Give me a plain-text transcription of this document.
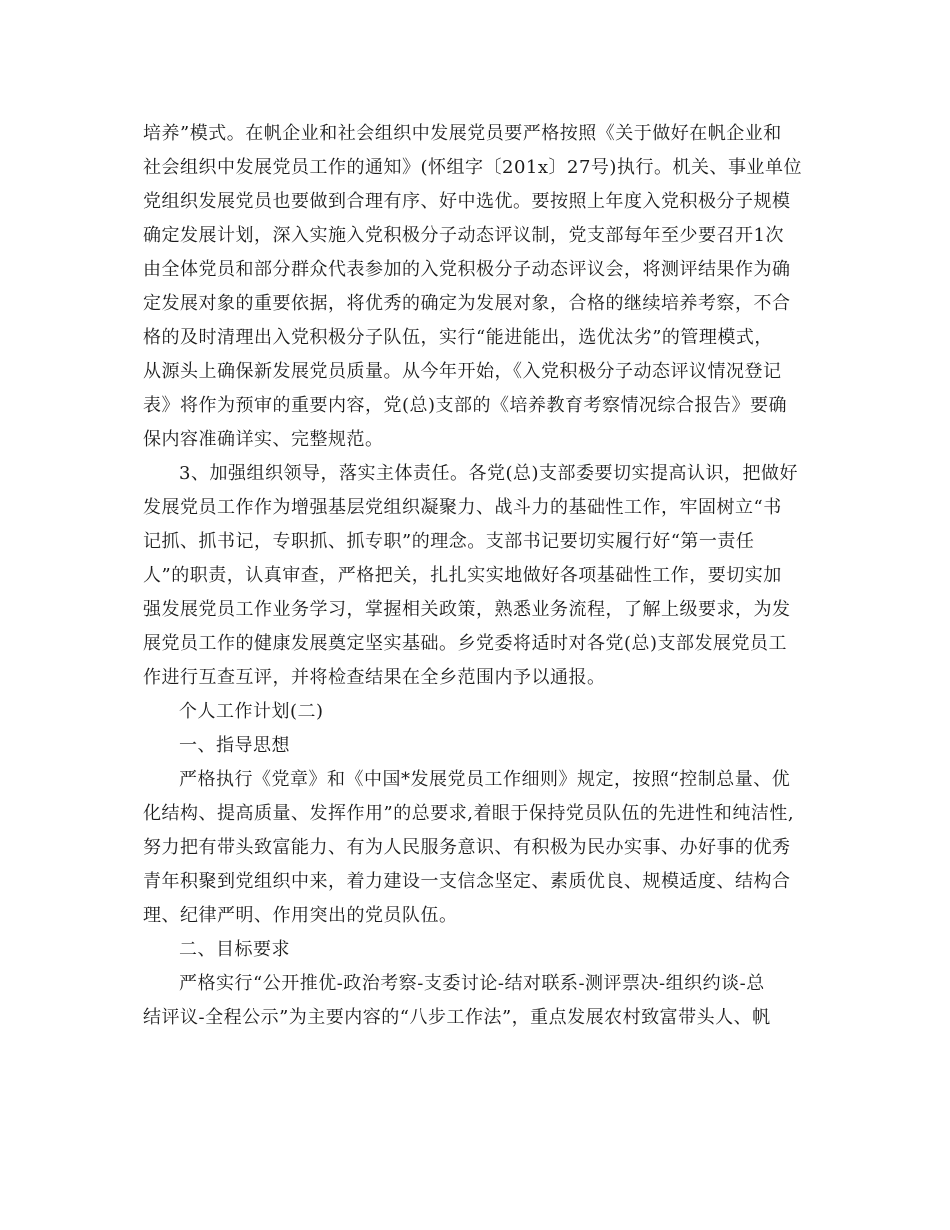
培养”模式。在帆企业和社会组织中发展党员要严格按照《关于做好在帆企业和
社会组织中发展党员工作的通知》(怀组字〔201x〕27号)执行。机关、事业单位
党组织发展党员也要做到合理有序、好中选优。要按照上年度入党积极分子规模
确定发展计划，深入实施入党积极分子动态评议制，党支部每年至少要召开1次
由全体党员和部分群众代表参加的入党积极分子动态评议会，将测评结果作为确
定发展对象的重要依据，将优秀的确定为发展对象，合格的继续培养考察，不合
格的及时清理出入党积极分子队伍，实行“能进能出，选优汰劣”的管理模式，
从源头上确保新发展党员质量。从今年开始，《入党积极分子动态评议情况登记
表》将作为预审的重要内容，党(总)支部的《培养教育考察情况综合报告》要确
保内容准确详实、完整规范。
3、加强组织领导，落实主体责任。各党(总)支部委要切实提高认识，把做好
发展党员工作作为增强基层党组织凝聚力、战斗力的基础性工作，牢固树立“书
记抓、抓书记，专职抓、抓专职”的理念。支部书记要切实履行好“第一责任
人”的职责，认真审查，严格把关，扎扎实实地做好各项基础性工作，要切实加
强发展党员工作业务学习，掌握相关政策，熟悉业务流程，了解上级要求，为发
展党员工作的健康发展奠定坚实基础。乡党委将适时对各党(总)支部发展党员工
作进行互查互评，并将检查结果在全乡范围内予以通报。
个人工作计划(二)
一、指导思想
严格执行《党章》和《中国*发展党员工作细则》规定，按照“控制总量、优
化结构、提高质量、发挥作用”的总要求,着眼于保持党员队伍的先进性和纯洁性,
努力把有带头致富能力、有为人民服务意识、有积极为民办实事、办好事的优秀
青年积聚到党组织中来，着力建设一支信念坚定、素质优良、规模适度、结构合
理、纪律严明、作用突出的党员队伍。
二、目标要求
严格实行“公开推优-政治考察-支委讨论-结对联系-测评票决-组织约谈-总
结评议-全程公示”为主要内容的“八步工作法”，重点发展农村致富带头人、帆
